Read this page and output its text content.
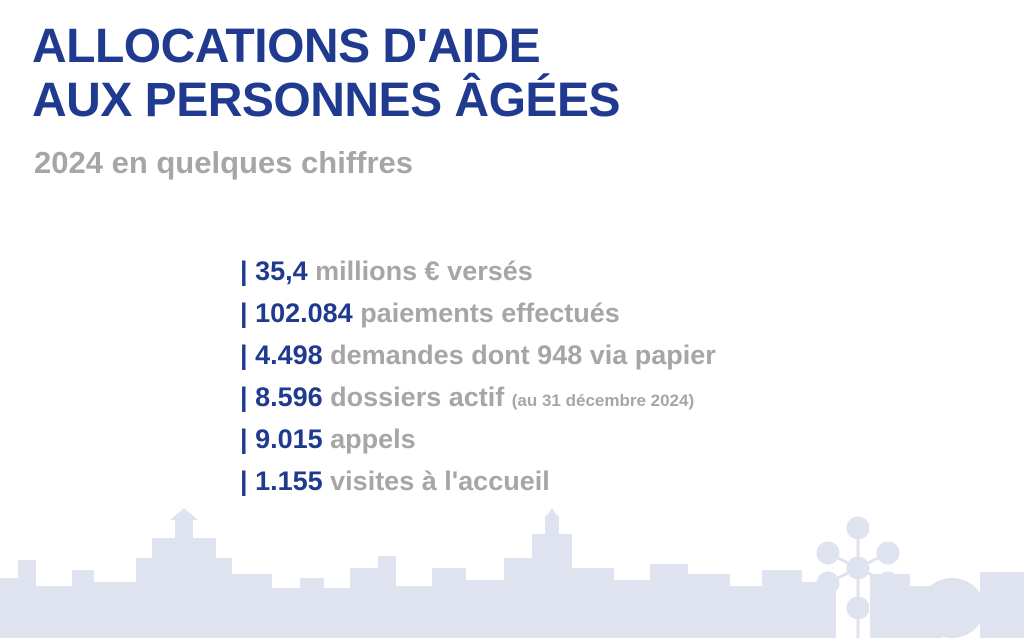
ALLOCATIONS D'AIDE
AUX PERSONNES ÂGÉES
2024 en quelques chiffres
| 35,4 millions € versés
| 102.084 paiements effectués
| 4.498 demandes dont 948 via papier
| 8.596 dossiers actif (au 31 décembre 2024)
| 9.015 appels
| 1.155 visites à l'accueil
